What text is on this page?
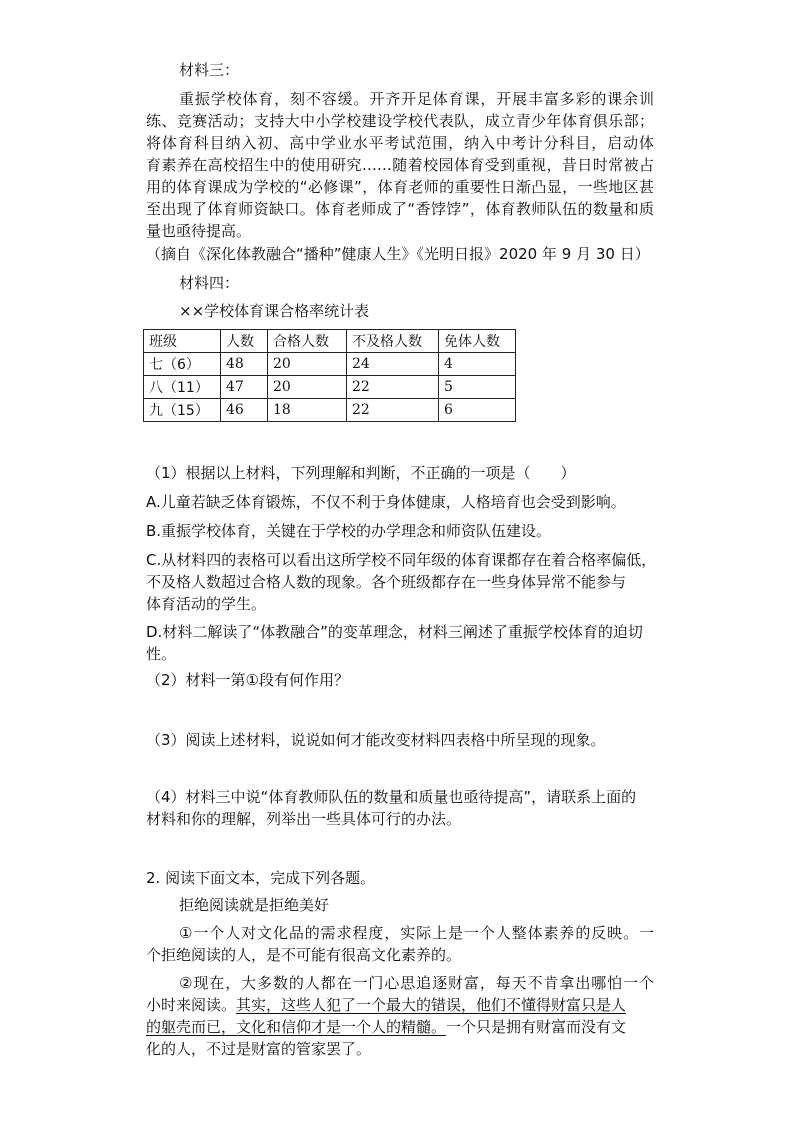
材料三：
重振学校体育，刻不容缓。开齐开足体育课，开展丰富多彩的课余训
练、竞赛活动；支持大中小学校建设学校代表队，成立青少年体育俱乐部；
将体育科目纳入初、高中学业水平考试范围，纳入中考计分科目，启动体
育素养在高校招生中的使用研究……随着校园体育受到重视，昔日时常被占
用的体育课成为学校的“必修课”，体育老师的重要性日渐凸显，一些地区甚
至出现了体育师资缺口。体育老师成了“香饽饽”，体育教师队伍的数量和质
量也亟待提高。
（摘自《深化体教融合“播种”健康人生》《光明日报》2020 年 9 月 30 日）
材料四：
××学校体育课合格率统计表
班级	人数	合格人数	不及格人数	免体人数
七（6）	48	20	24	4
八（11）	47	20	22	5
九（15）	46	18	22	6
（1）根据以上材料，下列理解和判断，不正确的一项是（　　）
A.儿童若缺乏体育锻炼，不仅不利于身体健康，人格培育也会受到影响。
B.重振学校体育，关键在于学校的办学理念和师资队伍建设。
C.从材料四的表格可以看出这所学校不同年级的体育课都存在着合格率偏低，
不及格人数超过合格人数的现象。各个班级都存在一些身体异常不能参与
体育活动的学生。
D.材料二解读了“体教融合”的变革理念，材料三阐述了重振学校体育的迫切
性。
（2）材料一第①段有何作用？
（3）阅读上述材料，说说如何才能改变材料四表格中所呈现的现象。
（4）材料三中说“体育教师队伍的数量和质量也亟待提高”，请联系上面的
材料和你的理解，列举出一些具体可行的办法。
2. 阅读下面文本，完成下列各题。
拒绝阅读就是拒绝美好
①一个人对文化品的需求程度，实际上是一个人整体素养的反映。一
个拒绝阅读的人，是不可能有很高文化素养的。
②现在，大多数的人都在一门心思追逐财富，每天不肯拿出哪怕一个
小时来阅读。其实，这些人犯了一个最大的错误，他们不懂得财富只是人
的躯壳而已，文化和信仰才是一个人的精髓。一个只是拥有财富而没有文
化的人，不过是财富的管家罢了。
